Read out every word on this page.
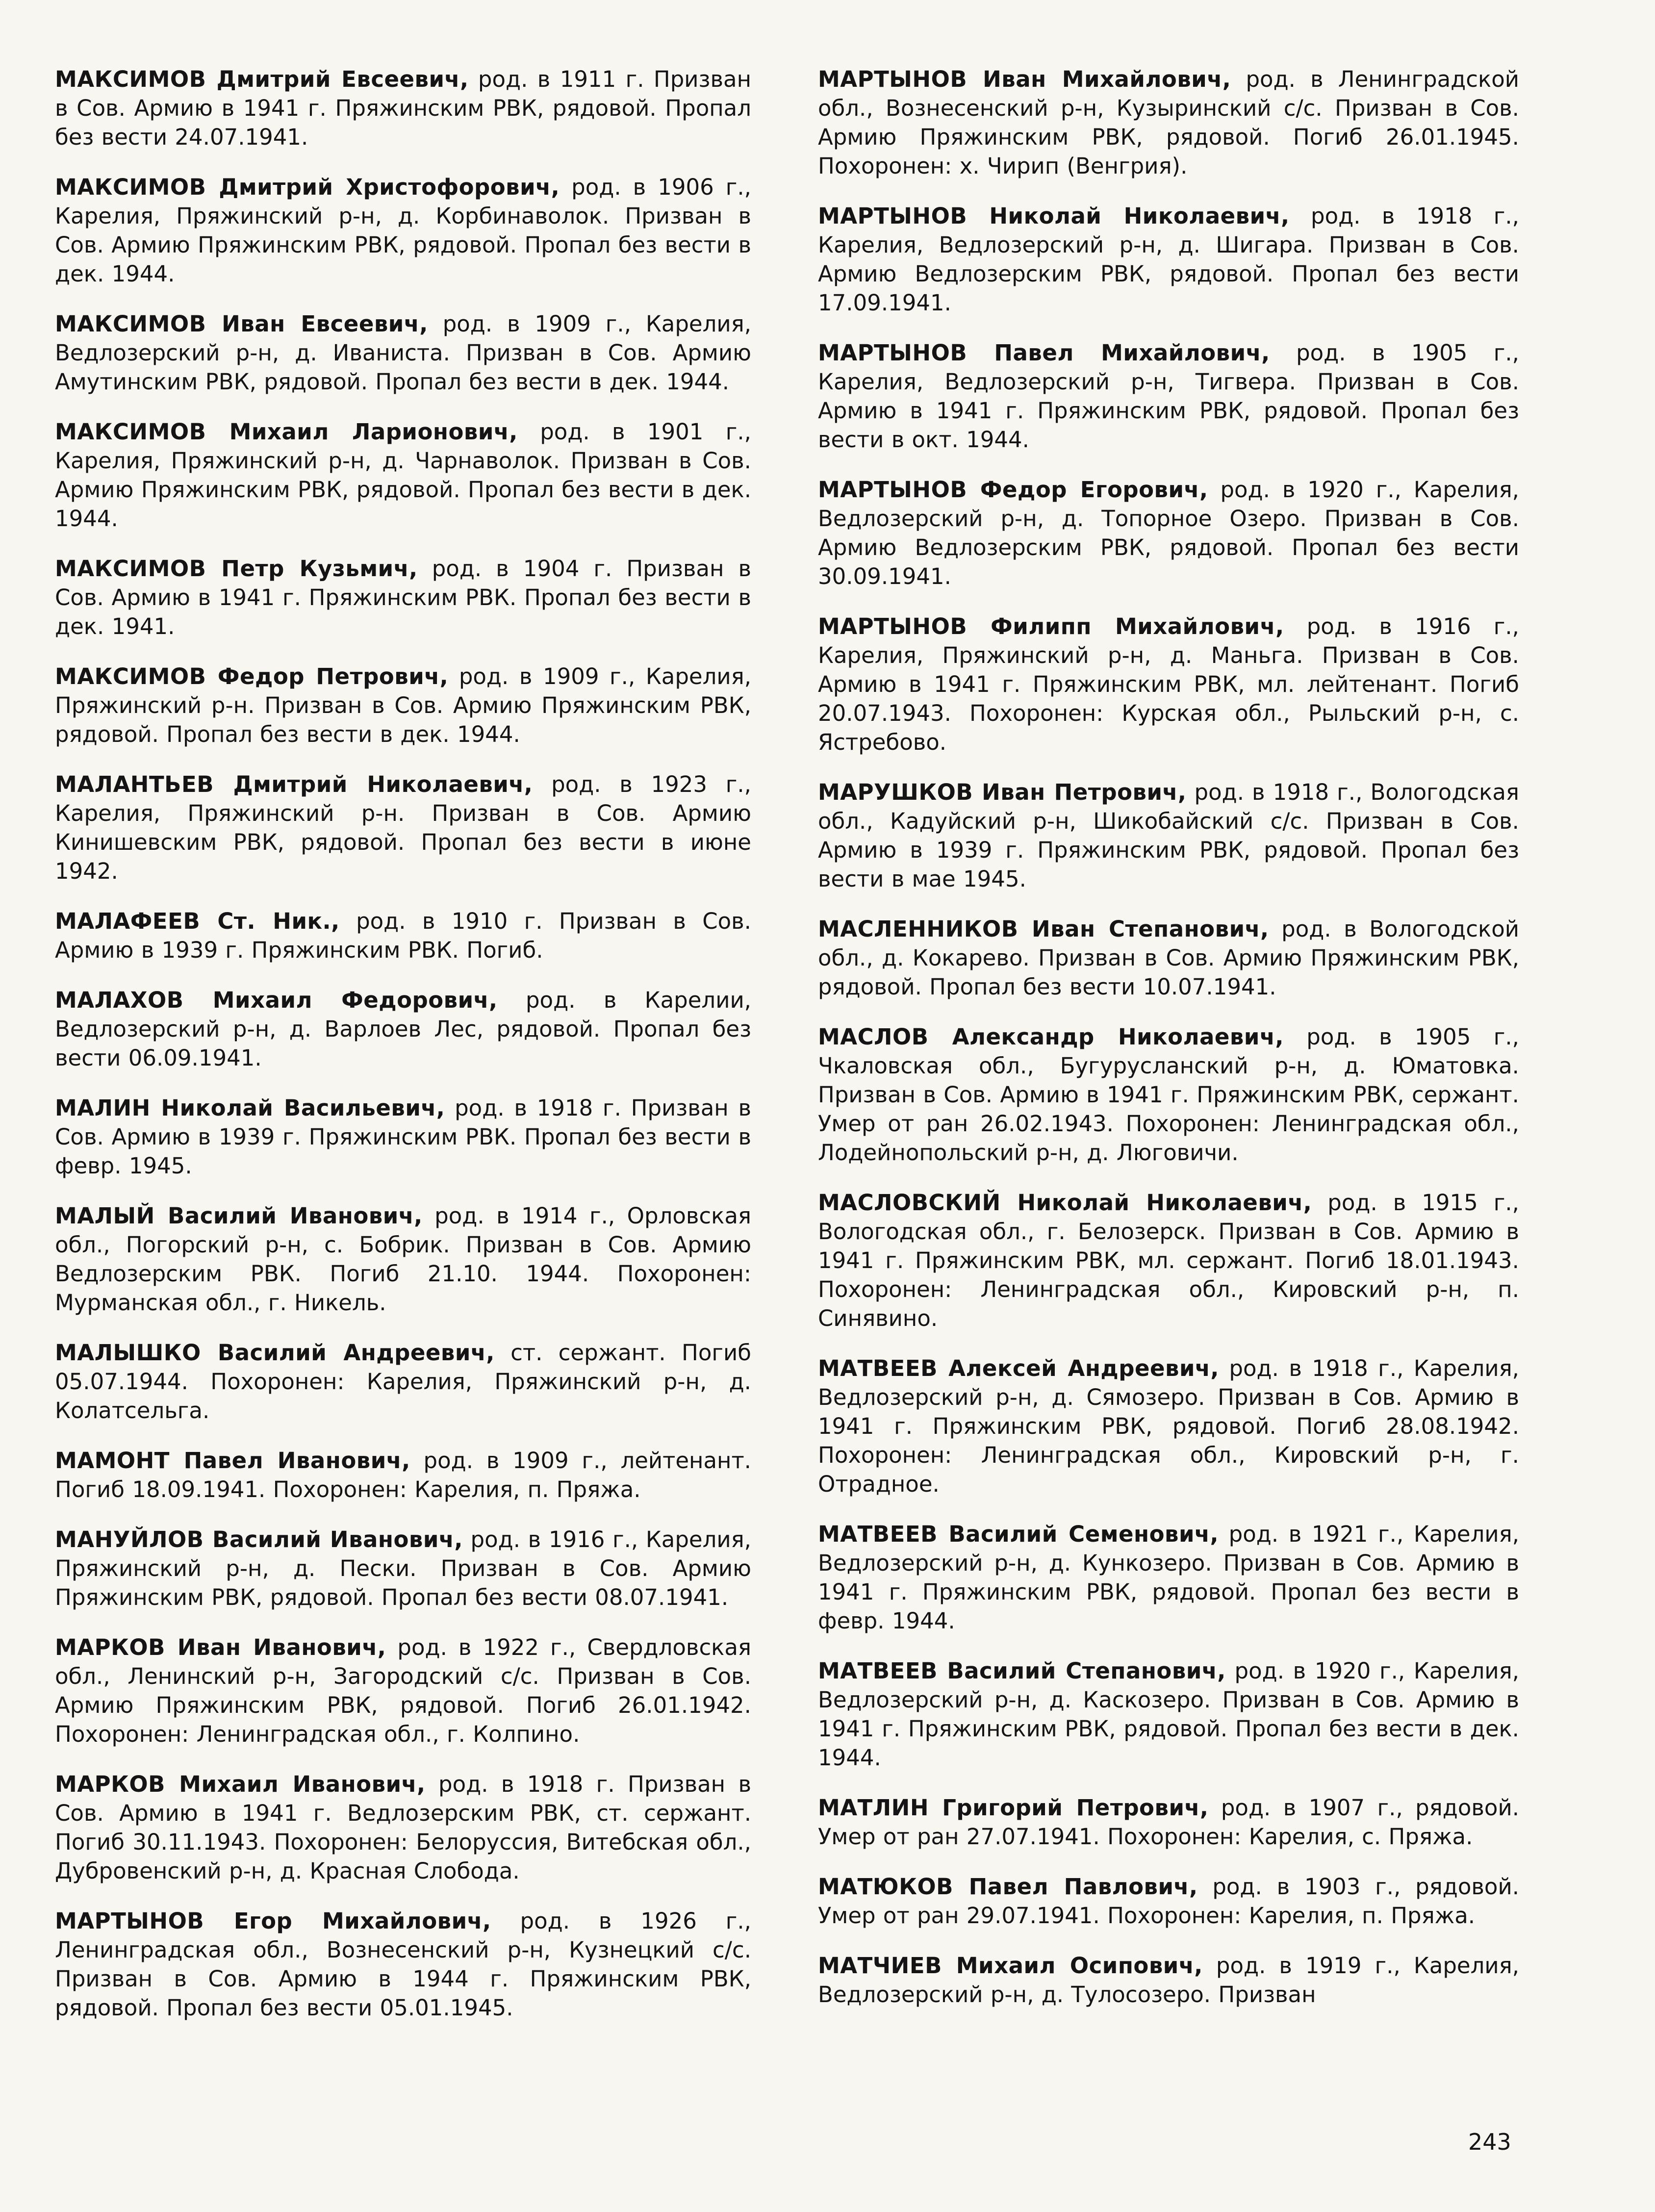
МАКСИМОВ Дмитрий Евсеевич, род. в 1911 г. Призван в Сов. Армию в 1941 г. Пряжинским РВК, рядовой. Пропал без вести 24.07.1941.

МАКСИМОВ Дмитрий Христофорович, род. в 1906 г., Карелия, Пряжинский р-н, д. Корбинаволок. Призван в Сов. Армию Пряжинским РВК, рядовой. Пропал без вести в дек. 1944.

МАКСИМОВ Иван Евсеевич, род. в 1909 г., Карелия, Ведлозерский р-н, д. Иваниста. Призван в Сов. Армию Амутинским РВК, рядовой. Пропал без вести в дек. 1944.

МАКСИМОВ Михаил Ларионович, род. в 1901 г., Карелия, Пряжинский р-н, д. Чарнаволок. Призван в Сов. Армию Пряжинским РВК, рядовой. Пропал без вести в дек. 1944.

МАКСИМОВ Петр Кузьмич, род. в 1904 г. Призван в Сов. Армию в 1941 г. Пряжинским РВК. Пропал без вести в дек. 1941.

МАКСИМОВ Федор Петрович, род. в 1909 г., Карелия, Пряжинский р-н. Призван в Сов. Армию Пряжинским РВК, рядовой. Пропал без вести в дек. 1944.

МАЛАНТЬЕВ Дмитрий Николаевич, род. в 1923 г., Карелия, Пряжинский р-н. Призван в Сов. Армию Кинишевским РВК, рядовой. Пропал без вести в июне 1942.

МАЛАФЕЕВ Ст. Ник., род. в 1910 г. Призван в Сов. Армию в 1939 г. Пряжинским РВК. Погиб.

МАЛАХОВ Михаил Федорович, род. в Карелии, Ведлозерский р-н, д. Варлоев Лес, рядовой. Пропал без вести 06.09.1941.

МАЛИН Николай Васильевич, род. в 1918 г. Призван в Сов. Армию в 1939 г. Пряжинским РВК. Пропал без вести в февр. 1945.

МАЛЫЙ Василий Иванович, род. в 1914 г., Орловская обл., Погорский р-н, с. Бобрик. Призван в Сов. Армию Ведлозерским РВК. Погиб 21.10. 1944. Похоронен: Мурманская обл., г. Никель.

МАЛЫШКО Василий Андреевич, ст. сержант. Погиб 05.07.1944. Похоронен: Карелия, Пряжинский р-н, д. Колатсельга.

МАМОНТ Павел Иванович, род. в 1909 г., лейтенант. Погиб 18.09.1941. Похоронен: Карелия, п. Пряжа.

МАНУЙЛОВ Василий Иванович, род. в 1916 г., Карелия, Пряжинский р-н, д. Пески. Призван в Сов. Армию Пряжинским РВК, рядовой. Пропал без вести 08.07.1941.

МАРКОВ Иван Иванович, род. в 1922 г., Свердловская обл., Ленинский р-н, Загородский с/с. Призван в Сов. Армию Пряжинским РВК, рядовой. Погиб 26.01.1942. Похоронен: Ленинградская обл., г. Колпино.

МАРКОВ Михаил Иванович, род. в 1918 г. Призван в Сов. Армию в 1941 г. Ведлозерским РВК, ст. сержант. Погиб 30.11.1943. Похоронен: Белоруссия, Витебская обл., Дубровенский р-н, д. Красная Слобода.

МАРТЫНОВ Егор Михайлович, род. в 1926 г., Ленинградская обл., Вознесенский р-н, Кузнецкий с/с. Призван в Сов. Армию в 1944 г. Пряжинским РВК, рядовой. Пропал без вести 05.01.1945.

МАРТЫНОВ Иван Михайлович, род. в Ленинградской обл., Вознесенский р-н, Кузыринский с/с. Призван в Сов. Армию Пряжинским РВК, рядовой. Погиб 26.01.1945. Похоронен: х. Чирип (Венгрия).

МАРТЫНОВ Николай Николаевич, род. в 1918 г., Карелия, Ведлозерский р-н, д. Шигара. Призван в Сов. Армию Ведлозерским РВК, рядовой. Пропал без вести 17.09.1941.

МАРТЫНОВ Павел Михайлович, род. в 1905 г., Карелия, Ведлозерский р-н, Тигвера. Призван в Сов. Армию в 1941 г. Пряжинским РВК, рядовой. Пропал без вести в окт. 1944.

МАРТЫНОВ Федор Егорович, род. в 1920 г., Карелия, Ведлозерский р-н, д. Топорное Озеро. Призван в Сов. Армию Ведлозерским РВК, рядовой. Пропал без вести 30.09.1941.

МАРТЫНОВ Филипп Михайлович, род. в 1916 г., Карелия, Пряжинский р-н, д. Маньга. Призван в Сов. Армию в 1941 г. Пряжинским РВК, мл. лейтенант. Погиб 20.07.1943. Похоронен: Курская обл., Рыльский р-н, с. Ястребово.

МАРУШКОВ Иван Петрович, род. в 1918 г., Вологодская обл., Кадуйский р-н, Шикобайский с/с. Призван в Сов. Армию в 1939 г. Пряжинским РВК, рядовой. Пропал без вести в мае 1945.

МАСЛЕННИКОВ Иван Степанович, род. в Вологодской обл., д. Кокарево. Призван в Сов. Армию Пряжинским РВК, рядовой. Пропал без вести 10.07.1941.

МАСЛОВ Александр Николаевич, род. в 1905 г., Чкаловская обл., Бугурусланский р-н, д. Юматовка. Призван в Сов. Армию в 1941 г. Пряжинским РВК, сержант. Умер от ран 26.02.1943. Похоронен: Ленинградская обл., Лодейнопольский р-н, д. Люговичи.

МАСЛОВСКИЙ Николай Николаевич, род. в 1915 г., Вологодская обл., г. Белозерск. Призван в Сов. Армию в 1941 г. Пряжинским РВК, мл. сержант. Погиб 18.01.1943. Похоронен: Ленинградская обл., Кировский р-н, п. Синявино.

МАТВЕЕВ Алексей Андреевич, род. в 1918 г., Карелия, Ведлозерский р-н, д. Сямозеро. Призван в Сов. Армию в 1941 г. Пряжинским РВК, рядовой. Погиб 28.08.1942. Похоронен: Ленинградская обл., Кировский р-н, г. Отрадное.

МАТВЕЕВ Василий Семенович, род. в 1921 г., Карелия, Ведлозерский р-н, д. Кункозеро. Призван в Сов. Армию в 1941 г. Пряжинским РВК, рядовой. Пропал без вести в февр. 1944.

МАТВЕЕВ Василий Степанович, род. в 1920 г., Карелия, Ведлозерский р-н, д. Каскозеро. Призван в Сов. Армию в 1941 г. Пряжинским РВК, рядовой. Пропал без вести в дек. 1944.

МАТЛИН Григорий Петрович, род. в 1907 г., рядовой. Умер от ран 27.07.1941. Похоронен: Карелия, с. Пряжа.

МАТЮКОВ Павел Павлович, род. в 1903 г., рядовой. Умер от ран 29.07.1941. Похоронен: Карелия, п. Пряжа.

МАТЧИЕВ Михаил Осипович, род. в 1919 г., Карелия, Ведлозерский р-н, д. Тулосозеро. Призван

243
